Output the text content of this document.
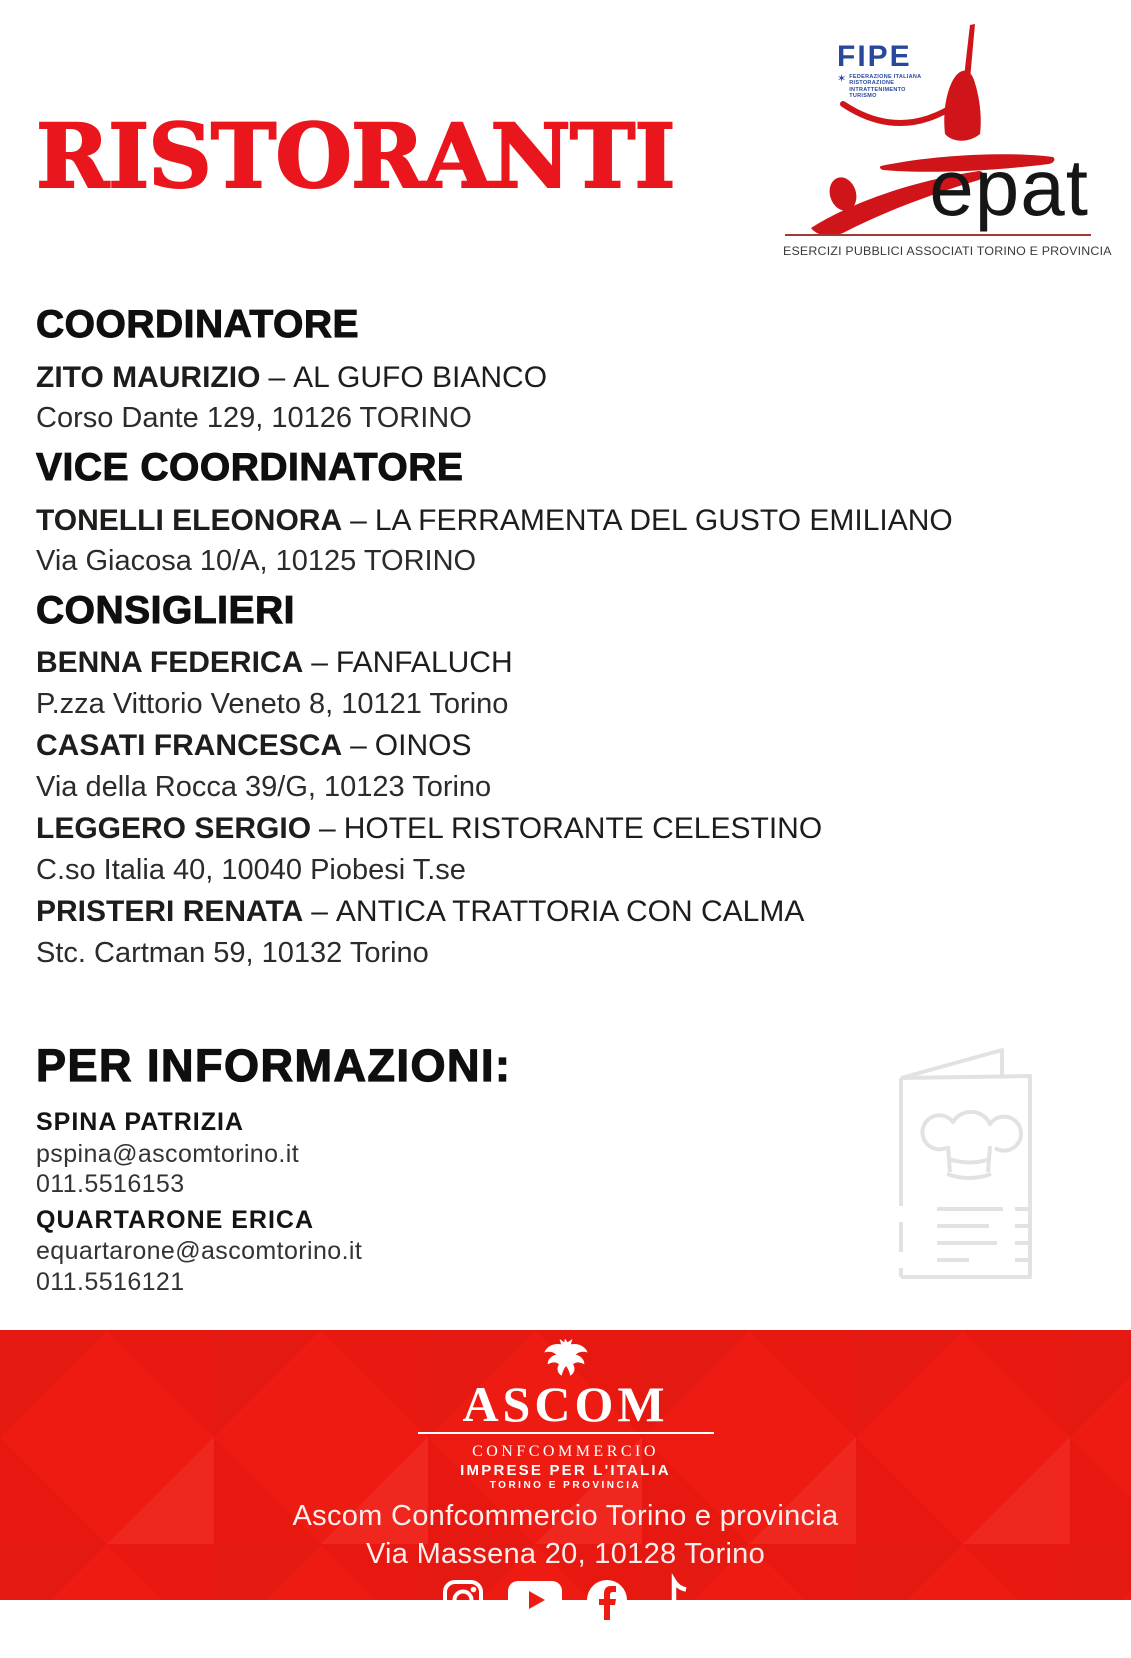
RISTORANTI
FIPE
✶ FEDERAZIONE ITALIANA
RISTORAZIONE
INTRATTENIMENTO
TURISMO
epat
ESERCIZI PUBBLICI ASSOCIATI TORINO E PROVINCIA
COORDINATORE
ZITO MAURIZIO – AL GUFO BIANCO
Corso Dante 129, 10126 TORINO
VICE COORDINATORE
TONELLI ELEONORA – LA FERRAMENTA DEL GUSTO EMILIANO
Via Giacosa 10/A, 10125 TORINO
CONSIGLIERI
BENNA FEDERICA – FANFALUCH
P.zza Vittorio Veneto 8, 10121 Torino
CASATI FRANCESCA – OINOS
Via della Rocca 39/G, 10123 Torino
LEGGERO SERGIO – HOTEL RISTORANTE CELESTINO
C.so Italia 40, 10040 Piobesi T.se
PRISTERI RENATA – ANTICA TRATTORIA CON CALMA
Stc. Cartman 59, 10132 Torino
PER INFORMAZIONI:
SPINA PATRIZIA
pspina@ascomtorino.it
011.5516153
QUARTARONE ERICA
equartarone@ascomtorino.it
011.5516121
ASCOM
confcommercio
IMPRESE PER L'ITALIA
TORINO E PROVINCIA
Ascom Confcommercio Torino e provincia
Via Massena 20, 10128 Torino
www.ascomtorino.it
